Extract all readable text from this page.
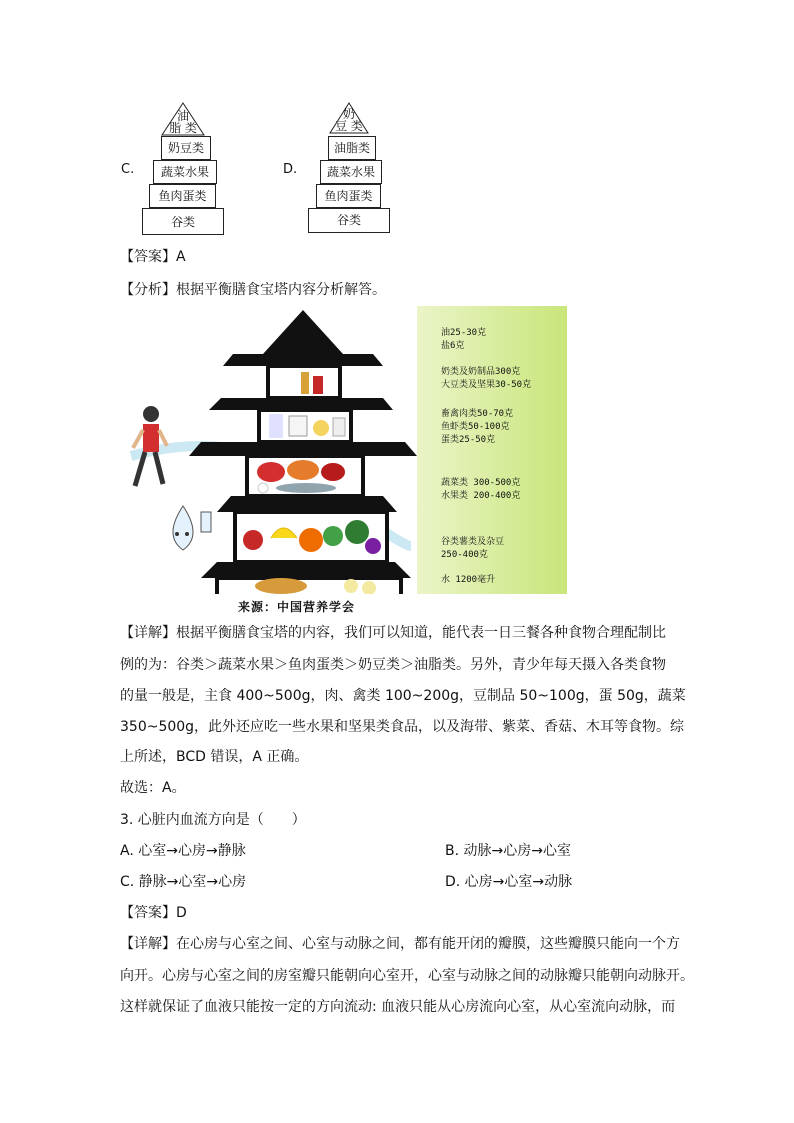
C.
油
脂 类
奶豆类
蔬菜水果
鱼肉蛋类
谷类
D.
奶
豆 类
油脂类
蔬菜水果
鱼肉蛋类
谷类
【答案】A
【分析】根据平衡膳食宝塔内容分析解答。
油25-30克
盐6克
奶类及奶制品300克
大豆类及坚果30-50克
畜禽肉类50-70克
鱼虾类50-100克
蛋类25-50克
蔬菜类 300-500克
水果类 200-400克
谷类薯类及杂豆
250-400克
水 1200毫升
来源：中国营养学会
【详解】根据平衡膳食宝塔的内容，我们可以知道，能代表一日三餐各种食物合理配制比
例的为：谷类＞蔬菜水果＞鱼肉蛋类＞奶豆类＞油脂类。另外，青少年每天摄入各类食物
的量一般是，主食 400~500g，肉、禽类 100~200g，豆制品 50~100g，蛋 50g，蔬菜
350~500g，此外还应吃一些水果和坚果类食品，以及海带、紫菜、香菇、木耳等食物。综
上所述，BCD 错误，A 正确。
故选：A。
3. 心脏内血流方向是（　　）
A. 心室→心房→静脉	B. 动脉→心房→心室
C. 静脉→心室→心房	D. 心房→心室→动脉
【答案】D
【详解】在心房与心室之间、心室与动脉之间，都有能开闭的瓣膜，这些瓣膜只能向一个方
向开。心房与心室之间的房室瓣只能朝向心室开，心室与动脉之间的动脉瓣只能朝向动脉开。
这样就保证了血液只能按一定的方向流动: 血液只能从心房流向心室，从心室流向动脉，而
